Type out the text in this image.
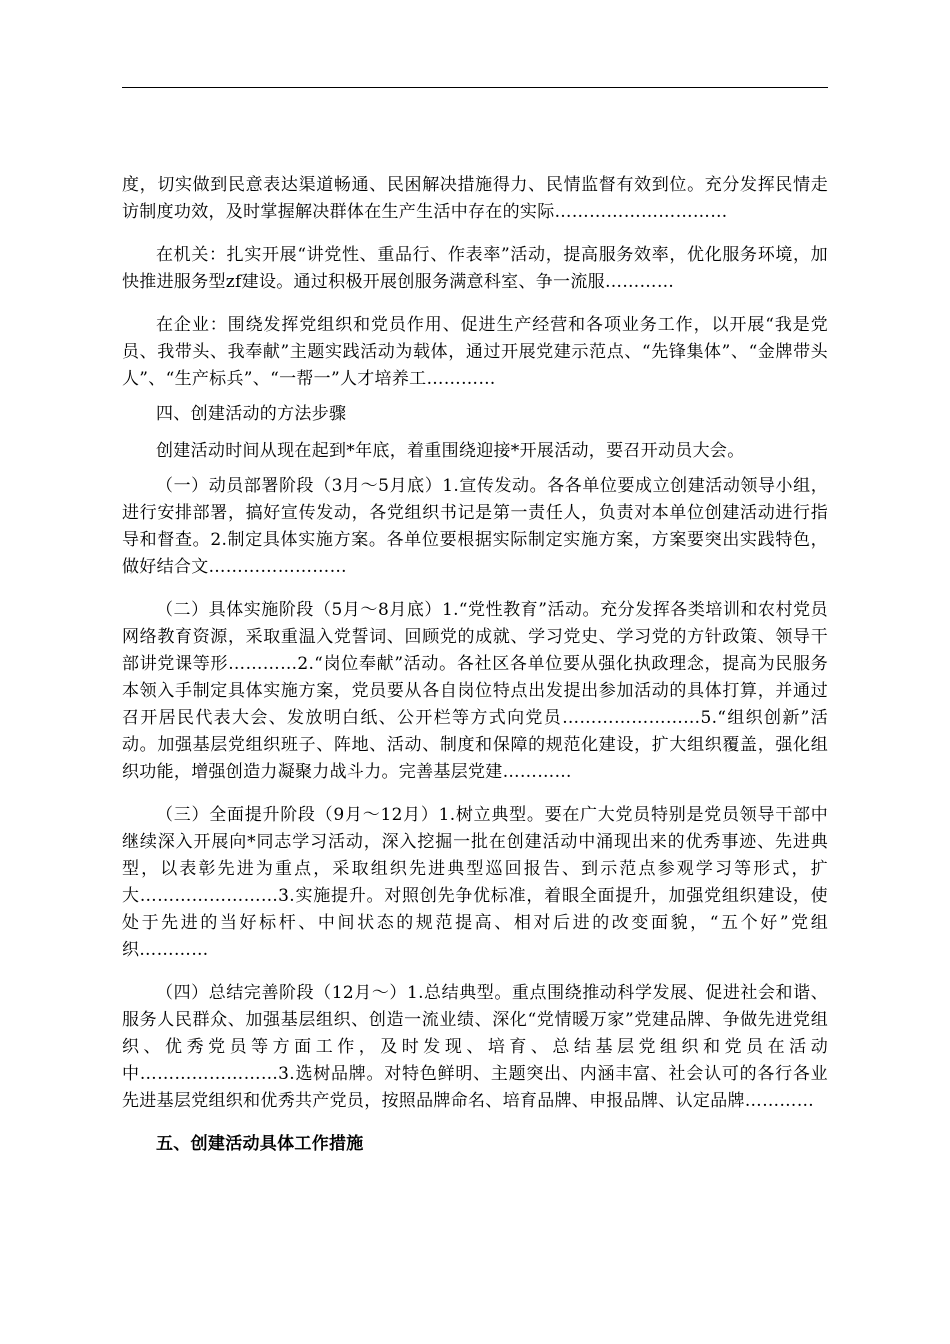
度，切实做到民意表达渠道畅通、民困解决措施得力、民情监督有效到位。充分发挥民情走访制度功效，及时掌握解决群体在生产生活中存在的实际…………………………

在机关：扎实开展“讲党性、重品行、作表率”活动，提高服务效率，优化服务环境，加快推进服务型zf建设。通过积极开展创服务满意科室、争一流服…………

在企业：围绕发挥党组织和党员作用、促进生产经营和各项业务工作，以开展“我是党员、我带头、我奉献”主题实践活动为载体，通过开展党建示范点、“先锋集体”、“金牌带头人”、“生产标兵”、“一帮一”人才培养工…………

四、创建活动的方法步骤

创建活动时间从现在起到*年底，着重围绕迎接*开展活动，要召开动员大会。

（一）动员部署阶段（3月～5月底）1.宣传发动。各各单位要成立创建活动领导小组，进行安排部署，搞好宣传发动，各党组织书记是第一责任人，负责对本单位创建活动进行指导和督查。2.制定具体实施方案。各单位要根据实际制定实施方案，方案要突出实践特色，做好结合文……………………

（二）具体实施阶段（5月～8月底）1.“党性教育”活动。充分发挥各类培训和农村党员网络教育资源，采取重温入党誓词、回顾党的成就、学习党史、学习党的方针政策、领导干部讲党课等形…………2.“岗位奉献”活动。各社区各单位要从强化执政理念，提高为民服务本领入手制定具体实施方案，党员要从各自岗位特点出发提出参加活动的具体打算，并通过召开居民代表大会、发放明白纸、公开栏等方式向党员……………………5.“组织创新”活动。加强基层党组织班子、阵地、活动、制度和保障的规范化建设，扩大组织覆盖，强化组织功能，增强创造力凝聚力战斗力。完善基层党建…………

（三）全面提升阶段（9月～12月）1.树立典型。要在广大党员特别是党员领导干部中继续深入开展向*同志学习活动，深入挖掘一批在创建活动中涌现出来的优秀事迹、先进典型，以表彰先进为重点，采取组织先进典型巡回报告、到示范点参观学习等形式，扩大……………………3.实施提升。对照创先争优标准，着眼全面提升，加强党组织建设，使处于先进的当好标杆、中间状态的规范提高、相对后进的改变面貌，“五个好”党组织…………

（四）总结完善阶段（12月～）1.总结典型。重点围绕推动科学发展、促进社会和谐、服务人民群众、加强基层组织、创造一流业绩、深化“党情暖万家”党建品牌、争做先进党组织、优秀党员等方面工作，及时发现、培育、总结基层党组织和党员在活动中……………………3.选树品牌。对特色鲜明、主题突出、内涵丰富、社会认可的各行各业先进基层党组织和优秀共产党员，按照品牌命名、培育品牌、申报品牌、认定品牌…………

五、创建活动具体工作措施
